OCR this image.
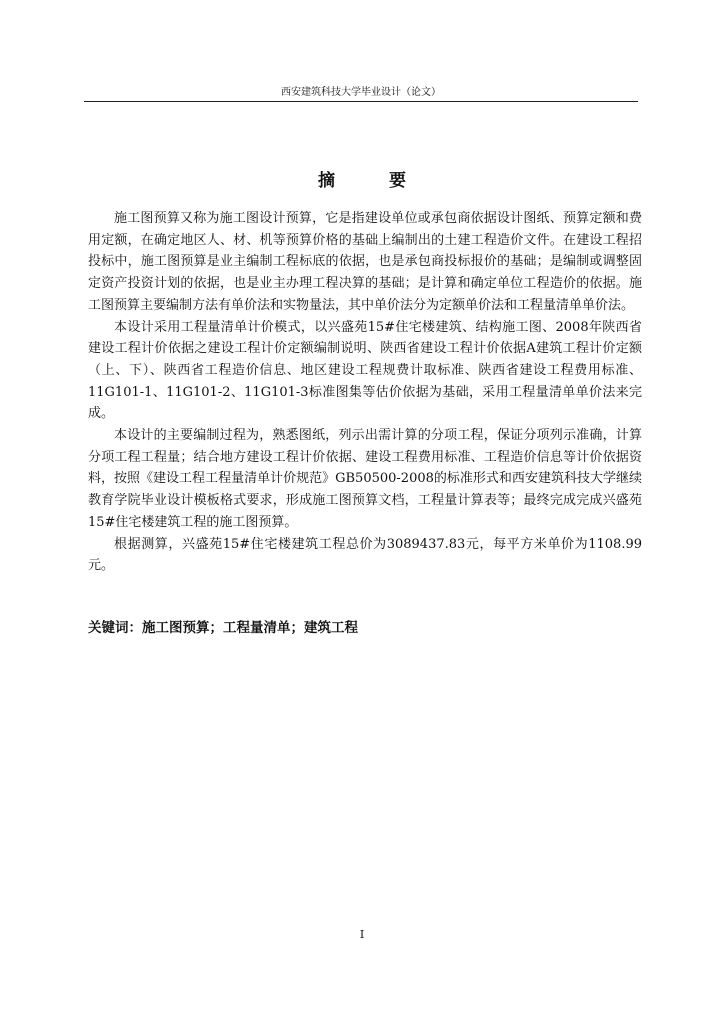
西安建筑科技大学毕业设计（论文）
摘 要

施工图预算又称为施工图设计预算，它是指建设单位或承包商依据设计图纸、预算定额和费用定额，在确定地区人、材、机等预算价格的基础上编制出的土建工程造价文件。在建设工程招投标中，施工图预算是业主编制工程标底的依据，也是承包商投标报价的基础；是编制或调整固定资产投资计划的依据，也是业主办理工程决算的基础；是计算和确定单位工程造价的依据。施工图预算主要编制方法有单价法和实物量法，其中单价法分为定额单价法和工程量清单单价法。

本设计采用工程量清单计价模式，以兴盛苑15#住宅楼建筑、结构施工图、2008年陕西省建设工程计价依据之建设工程计价定额编制说明、陕西省建设工程计价依据A建筑工程计价定额（上、下）、陕西省工程造价信息、地区建设工程规费计取标准、陕西省建设工程费用标准、11G101-1、11G101-2、11G101-3标准图集等估价依据为基础，采用工程量清单单价法来完成。

本设计的主要编制过程为，熟悉图纸，列示出需计算的分项工程，保证分项列示准确，计算分项工程工程量；结合地方建设工程计价依据、建设工程费用标准、工程造价信息等计价依据资料，按照《建设工程工程量清单计价规范》GB50500-2008的标准形式和西安建筑科技大学继续教育学院毕业设计模板格式要求，形成施工图预算文档，工程量计算表等；最终完成完成兴盛苑15#住宅楼建筑工程的施工图预算。

根据测算，兴盛苑15#住宅楼建筑工程总价为3089437.83元，每平方米单价为1108.99元。

关键词：施工图预算；工程量清单；建筑工程
I
